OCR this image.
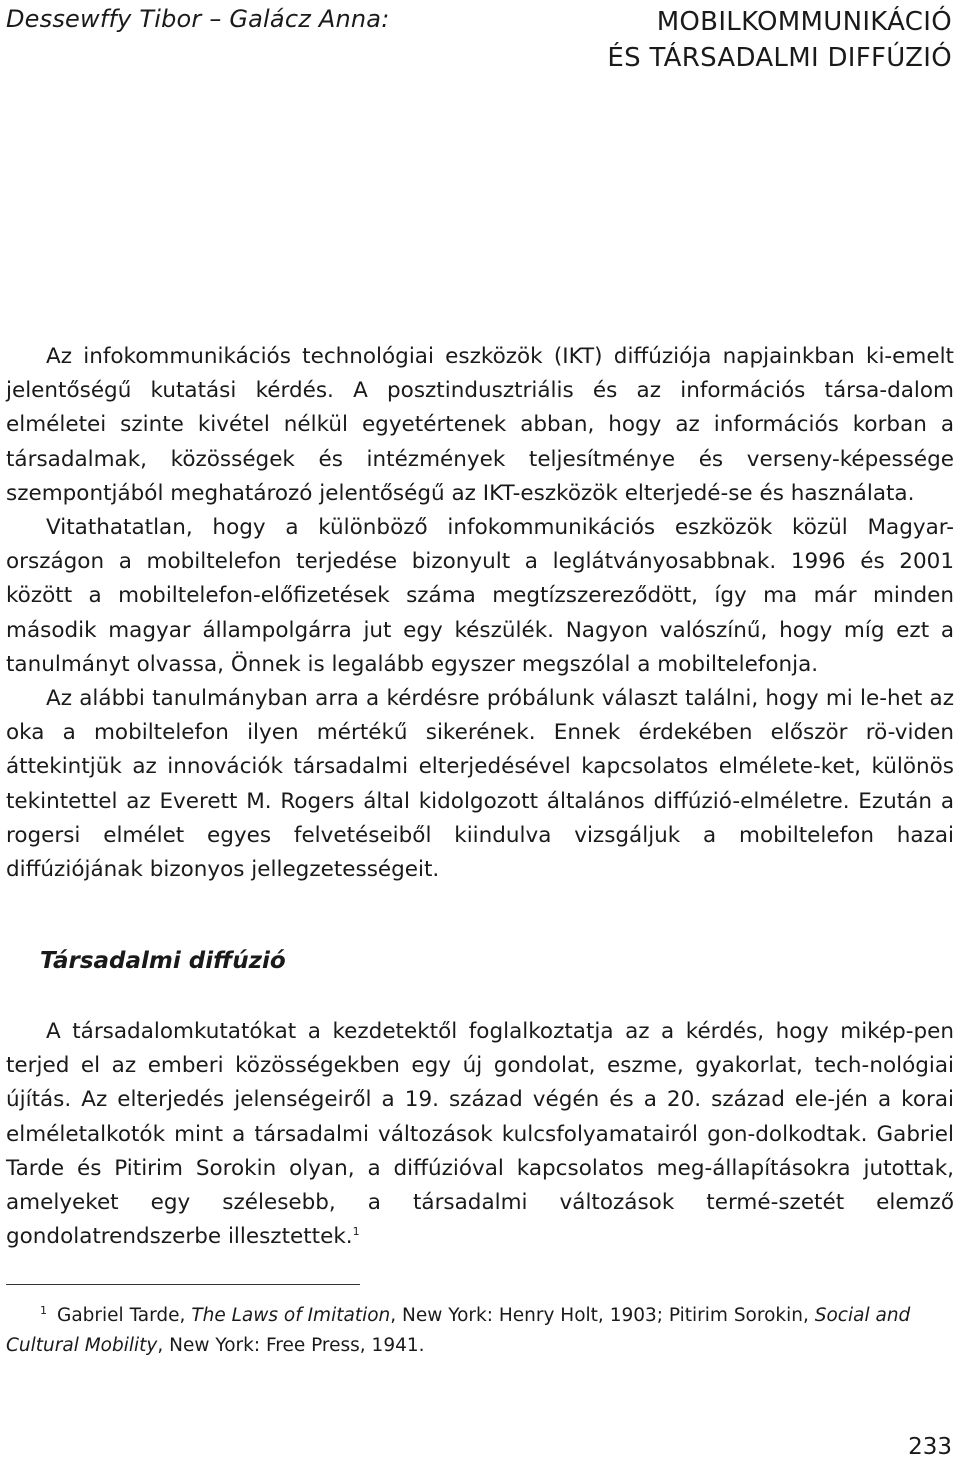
Dessewffy Tibor – Galácz Anna:	MOBILKOMMUNIKÁCIÓ
ÉS TÁRSADALMI DIFFÚZIÓ

Az infokommunikációs technológiai eszközök (IKT) diffúziója napjainkban ki-emelt jelentőségű kutatási kérdés. A posztindusztriális és az információs társa-dalom elméletei szinte kivétel nélkül egyetértenek abban, hogy az információs korban a társadalmak, közösségek és intézmények teljesítménye és verseny-képessége szempontjából meghatározó jelentőségű az IKT-eszközök elterjedé-se és használata.

Vitathatatlan, hogy a különböző infokommunikációs eszközök közül Magyar-országon a mobiltelefon terjedése bizonyult a leglátványosabbnak. 1996 és 2001 között a mobiltelefon-előfizetések száma megtízszereződött, így ma már minden második magyar állampolgárra jut egy készülék. Nagyon valószínű, hogy míg ezt a tanulmányt olvassa, Önnek is legalább egyszer megszólal a mobiltelefonja.

Az alábbi tanulmányban arra a kérdésre próbálunk választ találni, hogy mi le-het az oka a mobiltelefon ilyen mértékű sikerének. Ennek érdekében először rö-viden áttekintjük az innovációk társadalmi elterjedésével kapcsolatos elmélete-ket, különös tekintettel az Everett M. Rogers által kidolgozott általános diffúzió-elméletre. Ezután a rogersi elmélet egyes felvetéseiből kiindulva vizsgáljuk a mobiltelefon hazai diffúziójának bizonyos jellegzetességeit.

Társadalmi diffúzió

A társadalomkutatókat a kezdetektől foglalkoztatja az a kérdés, hogy mikép-pen terjed el az emberi közösségekben egy új gondolat, eszme, gyakorlat, tech-nológiai újítás. Az elterjedés jelenségeiről a 19. század végén és a 20. század ele-jén a korai elméletalkotók mint a társadalmi változások kulcsfolyamatairól gon-dolkodtak. Gabriel Tarde és Pitirim Sorokin olyan, a diffúzióval kapcsolatos meg-állapításokra jutottak, amelyeket egy szélesebb, a társadalmi változások termé-szetét elemző gondolatrendszerbe illesztettek.$^1$

$^1$ Gabriel Tarde, The Laws of Imitation, New York: Henry Holt, 1903; Pitirim Sorokin, Social and Cultural Mobility, New York: Free Press, 1941.
233
